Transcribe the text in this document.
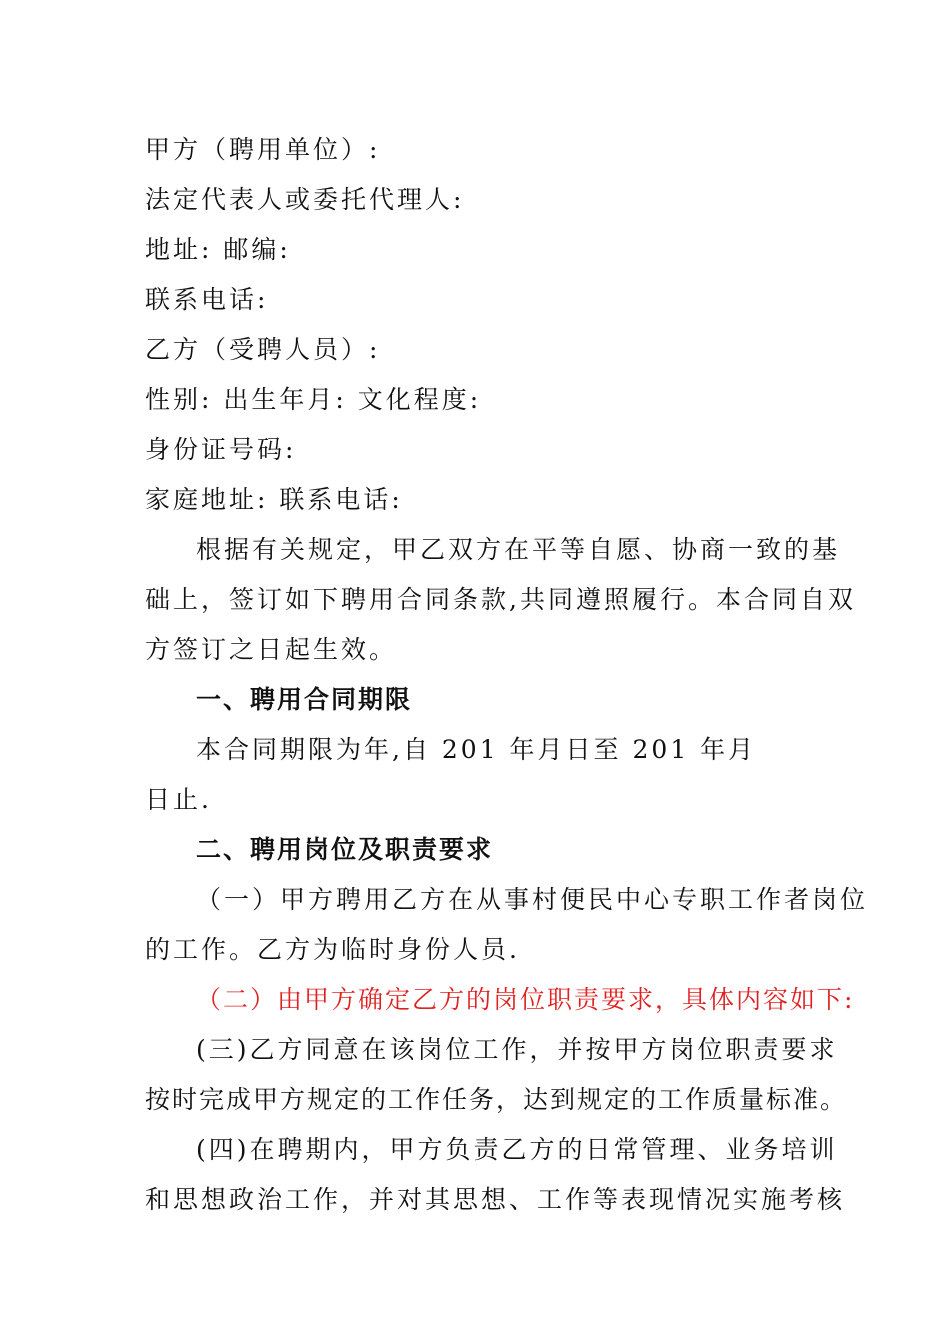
甲方（聘用单位）:
法定代表人或委托代理人:
地址: 邮编:
联系电话:
乙方（受聘人员）:
性别: 出生年月: 文化程度:
身份证号码:
家庭地址: 联系电话:
根据有关规定，甲乙双方在平等自愿、协商一致的基
础上，签订如下聘用合同条款,共同遵照履行。本合同自双
方签订之日起生效。
一、聘用合同期限
本合同期限为年,自 201 年月日至 201 年月
日止.
二、聘用岗位及职责要求
（一）甲方聘用乙方在从事村便民中心专职工作者岗位
的工作。乙方为临时身份人员.
（二）由甲方确定乙方的岗位职责要求，具体内容如下:
(三)乙方同意在该岗位工作，并按甲方岗位职责要求
按时完成甲方规定的工作任务，达到规定的工作质量标准。
(四)在聘期内，甲方负责乙方的日常管理、业务培训
和思想政治工作，并对其思想、工作等表现情况实施考核
